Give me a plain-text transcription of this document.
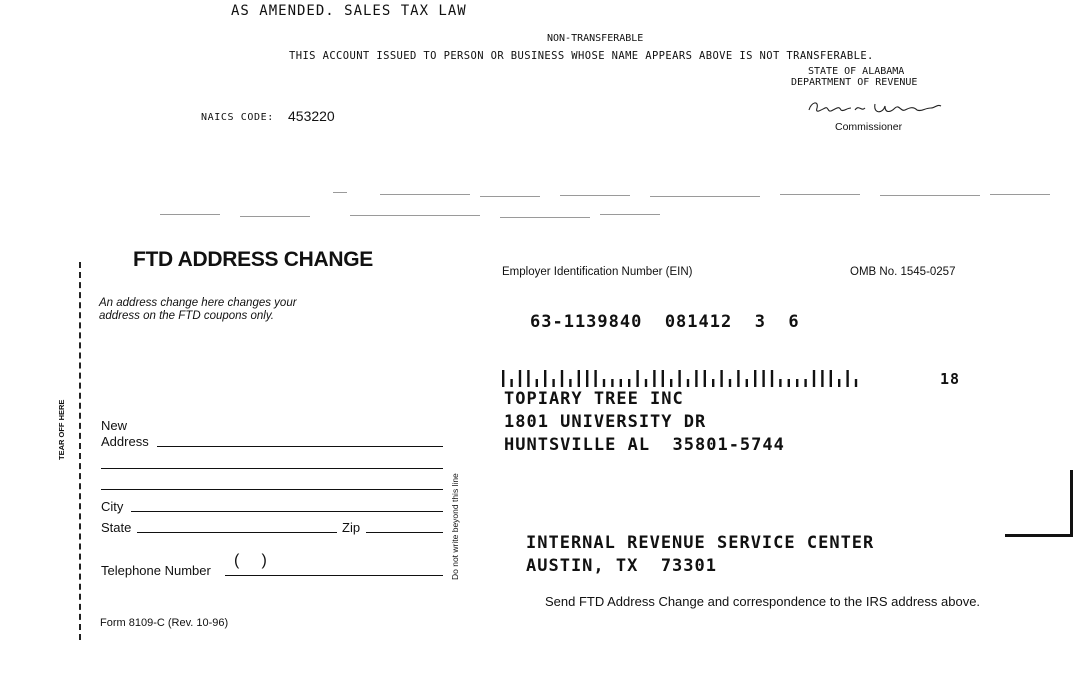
AS AMENDED. SALES TAX LAW
NON-TRANSFERABLE
THIS ACCOUNT ISSUED TO PERSON OR BUSINESS WHOSE NAME APPEARS ABOVE IS NOT TRANSFERABLE.
STATE OF ALABAMA
DEPARTMENT OF REVENUE
Commissioner
NAICS CODE: 453220
TEAR OFF HERE
FTD ADDRESS CHANGE
An address change here changes your address on the FTD coupons only.
New
Address
City
State	Zip
Telephone Number
(     )	Do not write beyond this line
Form 8109-C (Rev. 10-96)
Employer Identification Number (EIN)	OMB No. 1545-0257
63-1139840  081412  3  6
18
TOPIARY TREE INC
1801 UNIVERSITY DR
HUNTSVILLE AL  35801-5744
INTERNAL REVENUE SERVICE CENTER
AUSTIN, TX  73301
Send FTD Address Change and correspondence to the IRS address above.
